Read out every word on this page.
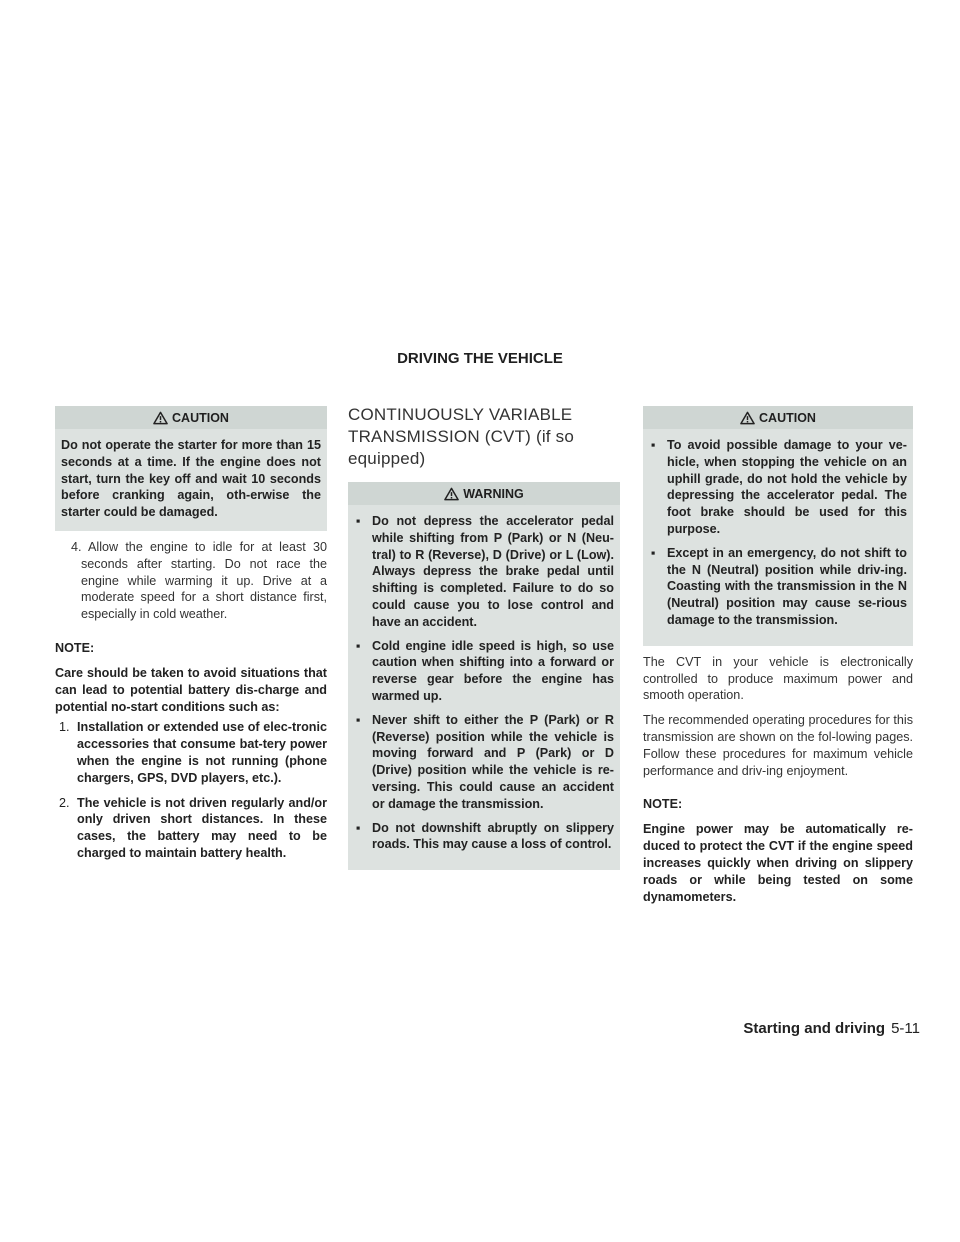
DRIVING THE VEHICLE
CAUTION

Do not operate the starter for more than 15 seconds at a time. If the engine does not start, turn the key off and wait 10 seconds before cranking again, oth-erwise the starter could be damaged.

4. Allow the engine to idle for at least 30 seconds after starting. Do not race the engine while warming it up. Drive at a moderate speed for a short distance first, especially in cold weather.

NOTE:

Care should be taken to avoid situations that can lead to potential battery dis-charge and potential no-start conditions such as:

1. Installation or extended use of elec-tronic accessories that consume bat-tery power when the engine is not running (phone chargers, GPS, DVD players, etc.).
2. The vehicle is not driven regularly and/or only driven short distances. In these cases, the battery may need to be charged to maintain battery health.
CONTINUOUSLY VARIABLE TRANSMISSION (CVT) (if so equipped)
WARNING
▪ Do not depress the accelerator pedal while shifting from P (Park) or N (Neu-tral) to R (Reverse), D (Drive) or L (Low). Always depress the brake pedal until shifting is completed. Failure to do so could cause you to lose control and have an accident.
▪ Cold engine idle speed is high, so use caution when shifting into a forward or reverse gear before the engine has warmed up.
▪ Never shift to either the P (Park) or R (Reverse) position while the vehicle is moving forward and P (Park) or D (Drive) position while the vehicle is re-versing. This could cause an accident or damage the transmission.
▪ Do not downshift abruptly on slippery roads. This may cause a loss of control.
CAUTION
▪ To avoid possible damage to your ve-hicle, when stopping the vehicle on an uphill grade, do not hold the vehicle by depressing the accelerator pedal. The foot brake should be used for this purpose.
▪ Except in an emergency, do not shift to the N (Neutral) position while driv-ing. Coasting with the transmission in the N (Neutral) position may cause se-rious damage to the transmission.

The CVT in your vehicle is electronically controlled to produce maximum power and smooth operation.

The recommended operating procedures for this transmission are shown on the fol-lowing pages. Follow these procedures for maximum vehicle performance and driv-ing enjoyment.

NOTE:

Engine power may be automatically re-duced to protect the CVT if the engine speed increases quickly when driving on slippery roads or while being tested on some dynamometers.

Starting and driving 5-11
